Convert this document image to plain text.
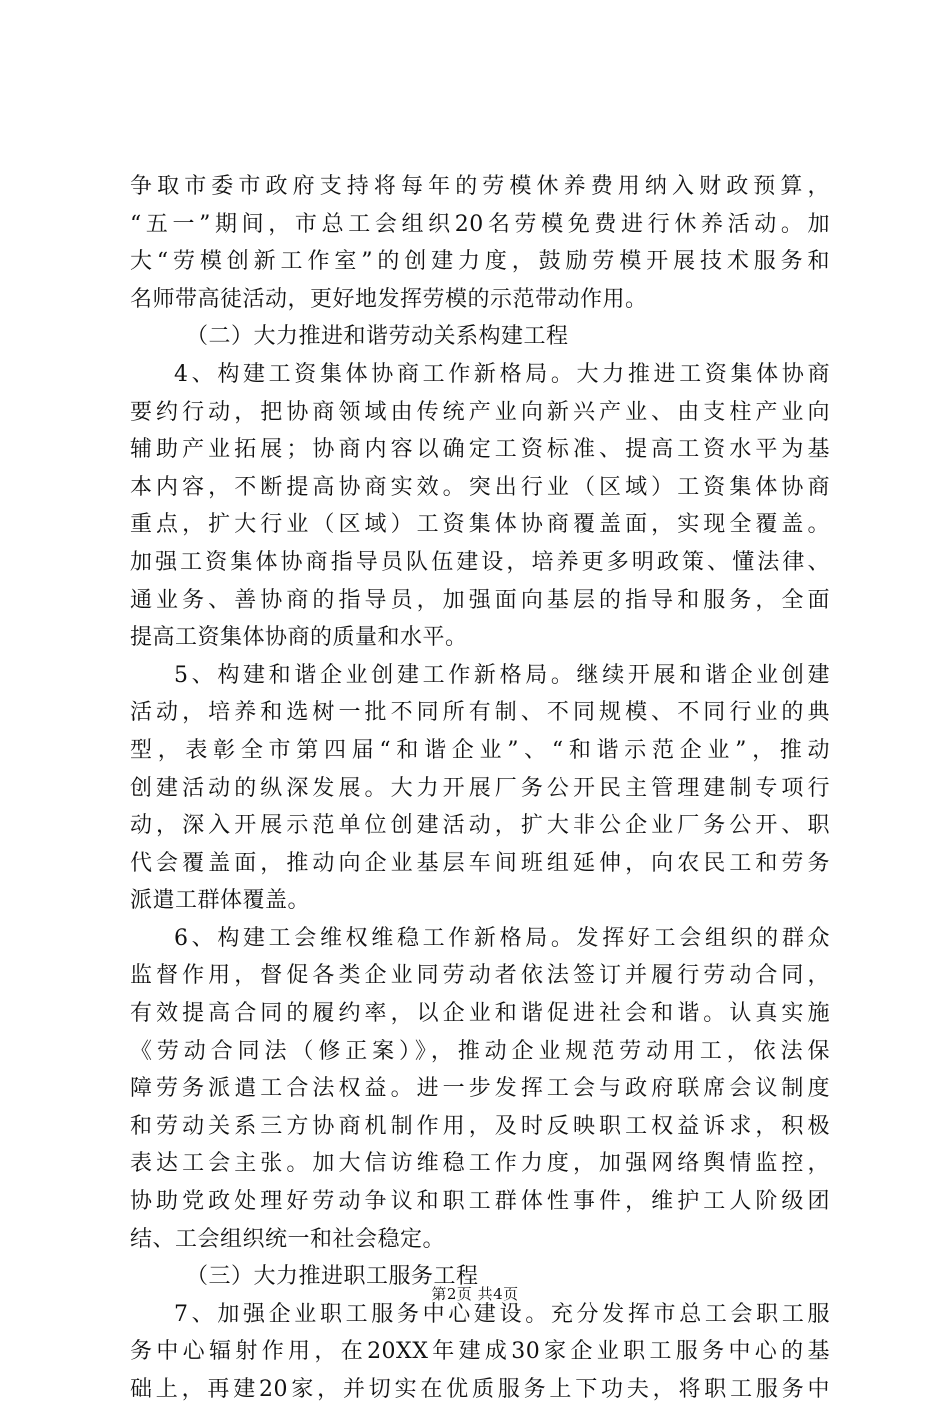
争取市委市政府支持将每年的劳模休养费用纳入财政预算，
“五一”期间，市总工会组织20名劳模免费进行休养活动。加
大“劳模创新工作室”的创建力度，鼓励劳模开展技术服务和
名师带高徒活动，更好地发挥劳模的示范带动作用。
（二）大力推进和谐劳动关系构建工程
4、构建工资集体协商工作新格局。大力推进工资集体协商
要约行动，把协商领域由传统产业向新兴产业、由支柱产业向
辅助产业拓展；协商内容以确定工资标准、提高工资水平为基
本内容，不断提高协商实效。突出行业（区域）工资集体协商
重点，扩大行业（区域）工资集体协商覆盖面，实现全覆盖。
加强工资集体协商指导员队伍建设，培养更多明政策、懂法律、
通业务、善协商的指导员，加强面向基层的指导和服务，全面
提高工资集体协商的质量和水平。
5、构建和谐企业创建工作新格局。继续开展和谐企业创建
活动，培养和选树一批不同所有制、不同规模、不同行业的典
型，表彰全市第四届“和谐企业”、“和谐示范企业”，推动
创建活动的纵深发展。大力开展厂务公开民主管理建制专项行
动，深入开展示范单位创建活动，扩大非公企业厂务公开、职
代会覆盖面，推动向企业基层车间班组延伸，向农民工和劳务
派遣工群体覆盖。
6、构建工会维权维稳工作新格局。发挥好工会组织的群众
监督作用，督促各类企业同劳动者依法签订并履行劳动合同，
有效提高合同的履约率，以企业和谐促进社会和谐。认真实施
《劳动合同法（修正案）》，推动企业规范劳动用工，依法保
障劳务派遣工合法权益。进一步发挥工会与政府联席会议制度
和劳动关系三方协商机制作用，及时反映职工权益诉求，积极
表达工会主张。加大信访维稳工作力度，加强网络舆情监控，
协助党政处理好劳动争议和职工群体性事件，维护工人阶级团
结、工会组织统一和社会稳定。
（三）大力推进职工服务工程
7、加强企业职工服务中心建设。充分发挥市总工会职工服
务中心辐射作用，在20XX年建成30家企业职工服务中心的基
础上，再建20家，并切实在优质服务上下功夫，将职工服务中
第2页 共4页
